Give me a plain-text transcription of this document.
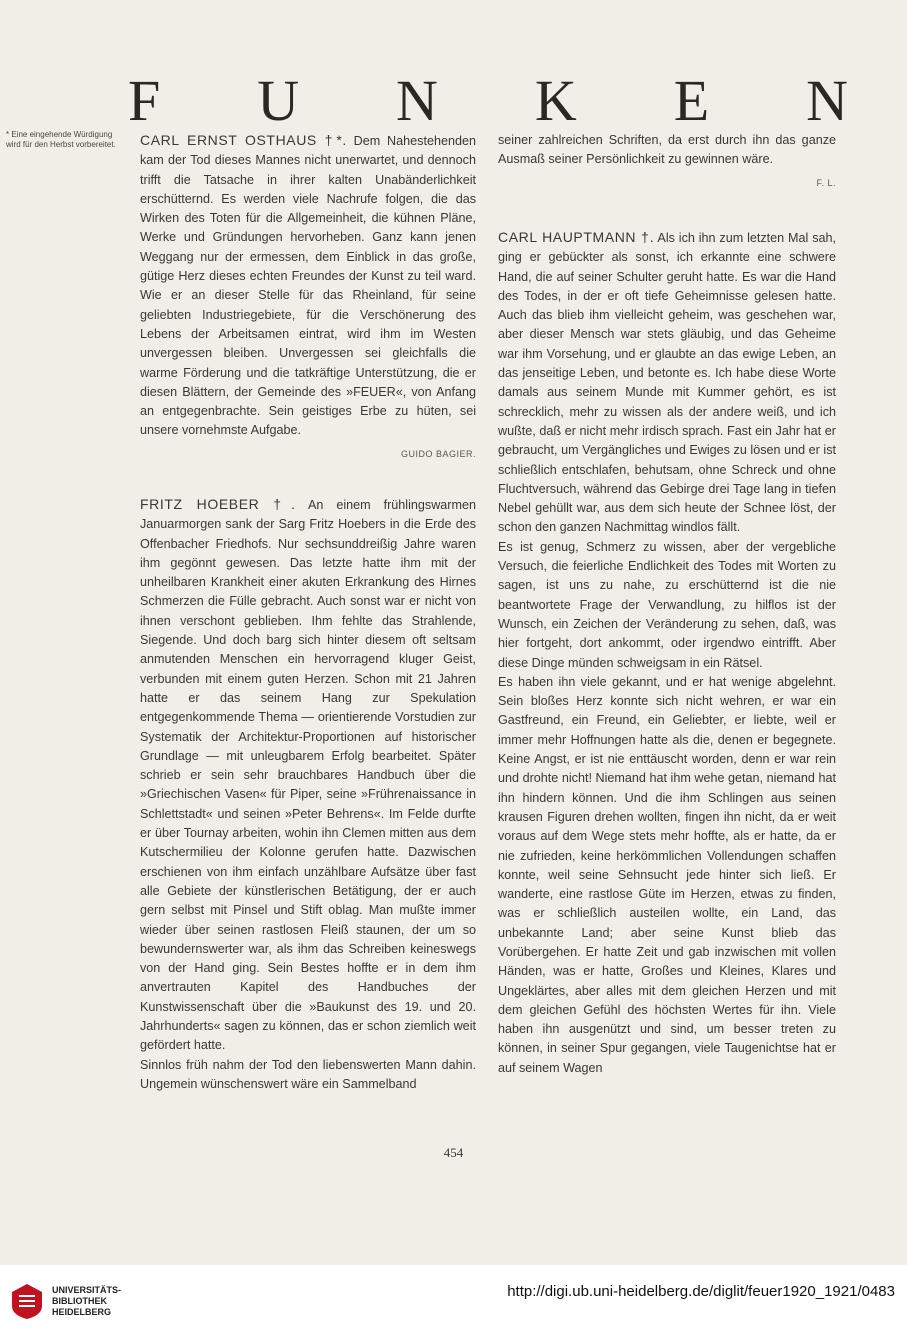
F U N K E N
* Eine eingehende Würdigung wird für den Herbst vorbereitet.	CARL ERNST OSTHAUS †*. Dem Nahestehenden kam der Tod dieses Mannes nicht unerwartet, und dennoch trifft die Tatsache in ihrer kalten Unabänderlichkeit erschütternd. Es werden viele Nachrufe folgen, die das Wirken des Toten für die Allgemeinheit, die kühnen Pläne, Werke und Gründungen hervorheben. Ganz kann jenen Weggang nur der ermessen, dem Einblick in das große, gütige Herz dieses echten Freundes der Kunst zu teil ward. Wie er an dieser Stelle für das Rheinland, für seine geliebten Industriegebiete, für die Verschönerung des Lebens der Arbeitsamen eintrat, wird ihm im Westen unvergessen bleiben. Unvergessen sei gleichfalls die warme Förderung und die tatkräftige Unterstützung, die er diesen Blättern, der Gemeinde des »FEUER«, von Anfang an entgegenbrachte. Sein geistiges Erbe zu hüten, sei unsere vornehmste Aufgabe.

GUIDO BAGIER.

FRITZ HOEBER †. An einem frühlingswarmen Januarmorgen sank der Sarg Fritz Hoebers in die Erde des Offenbacher Friedhofs. Nur sechsunddreißig Jahre waren ihm gegönnt gewesen. Das letzte hatte ihm mit der unheilbaren Krankheit einer akuten Erkrankung des Hirnes Schmerzen die Fülle gebracht. Auch sonst war er nicht von ihnen verschont geblieben. Ihm fehlte das Strahlende, Siegende. Und doch barg sich hinter diesem oft seltsam anmutenden Menschen ein hervorragend kluger Geist, verbunden mit einem guten Herzen. Schon mit 21 Jahren hatte er das seinem Hang zur Spekulation entgegenkommende Thema — orientierende Vorstudien zur Systematik der Architektur-Proportionen auf historischer Grundlage — mit unleugbarem Erfolg bearbeitet. Später schrieb er sein sehr brauchbares Handbuch über die »Griechischen Vasen« für Piper, seine »Frührenaissance in Schlettstadt« und seinen »Peter Behrens«. Im Felde durfte er über Tournay arbeiten, wohin ihn Clemen mitten aus dem Kutschermilieu der Kolonne gerufen hatte. Dazwischen erschienen von ihm einfach unzählbare Aufsätze über fast alle Gebiete der künstlerischen Betätigung, der er auch gern selbst mit Pinsel und Stift oblag. Man mußte immer wieder über seinen rastlosen Fleiß staunen, der um so bewundernswerter war, als ihm das Schreiben keineswegs von der Hand ging. Sein Bestes hoffte er in dem ihm anvertrauten Kapitel des Handbuches der Kunstwissenschaft über die »Baukunst des 19. und 20. Jahrhunderts« sagen zu können, das er schon ziemlich weit gefördert hatte.

Sinnlos früh nahm der Tod den liebenswerten Mann dahin. Ungemein wünschenswert wäre ein Sammelband

seiner zahlreichen Schriften, da erst durch ihn das ganze Ausmaß seiner Persönlichkeit zu gewinnen wäre.

F. L.

CARL HAUPTMANN †. Als ich ihn zum letzten Mal sah, ging er gebückter als sonst, ich erkannte eine schwere Hand, die auf seiner Schulter geruht hatte. Es war die Hand des Todes, in der er oft tiefe Geheimnisse gelesen hatte. Auch das blieb ihm vielleicht geheim, was geschehen war, aber dieser Mensch war stets gläubig, und das Geheime war ihm Vorsehung, und er glaubte an das ewige Leben, an das jenseitige Leben, und betonte es. Ich habe diese Worte damals aus seinem Munde mit Kummer gehört, es ist schrecklich, mehr zu wissen als der andere weiß, und ich wußte, daß er nicht mehr irdisch sprach. Fast ein Jahr hat er gebraucht, um Vergängliches und Ewiges zu lösen und er ist schließlich entschlafen, behutsam, ohne Schreck und ohne Fluchtversuch, während das Gebirge drei Tage lang in tiefen Nebel gehüllt war, aus dem sich heute der Schnee löst, der schon den ganzen Nachmittag windlos fällt.

Es ist genug, Schmerz zu wissen, aber der vergebliche Versuch, die feierliche Endlichkeit des Todes mit Worten zu sagen, ist uns zu nahe, zu erschütternd ist die nie beantwortete Frage der Verwandlung, zu hilflos ist der Wunsch, ein Zeichen der Veränderung zu sehen, daß, was hier fortgeht, dort ankommt, oder irgendwo eintrifft. Aber diese Dinge münden schweigsam in ein Rätsel.

Es haben ihn viele gekannt, und er hat wenige abgelehnt. Sein bloßes Herz konnte sich nicht wehren, er war ein Gastfreund, ein Freund, ein Geliebter, er liebte, weil er immer mehr Hoffnungen hatte als die, denen er begegnete. Keine Angst, er ist nie enttäuscht worden, denn er war rein und drohte nicht! Niemand hat ihm wehe getan, niemand hat ihn hindern können. Und die ihm Schlingen aus seinen krausen Figuren drehen wollten, fingen ihn nicht, da er weit voraus auf dem Wege stets mehr hoffte, als er hatte, da er nie zufrieden, keine herkömmlichen Vollendungen schaffen konnte, weil seine Sehnsucht jede hinter sich ließ. Er wanderte, eine rastlose Güte im Herzen, etwas zu finden, was er schließlich austeilen wollte, ein Land, das unbekannte Land; aber seine Kunst blieb das Vorübergehen. Er hatte Zeit und gab inzwischen mit vollen Händen, was er hatte, Großes und Kleines, Klares und Ungeklärtes, aber alles mit dem gleichen Herzen und mit dem gleichen Gefühl des höchsten Wertes für ihn. Viele haben ihn ausgenützt und sind, um besser treten zu können, in seiner Spur gegangen, viele Taugenichtse hat er auf seinem Wagen

454
UNIVERSITÄTS-
BIBLIOTHEK
HEIDELBERG
http://digi.ub.uni-heidelberg.de/diglit/feuer1920_1921/0483
